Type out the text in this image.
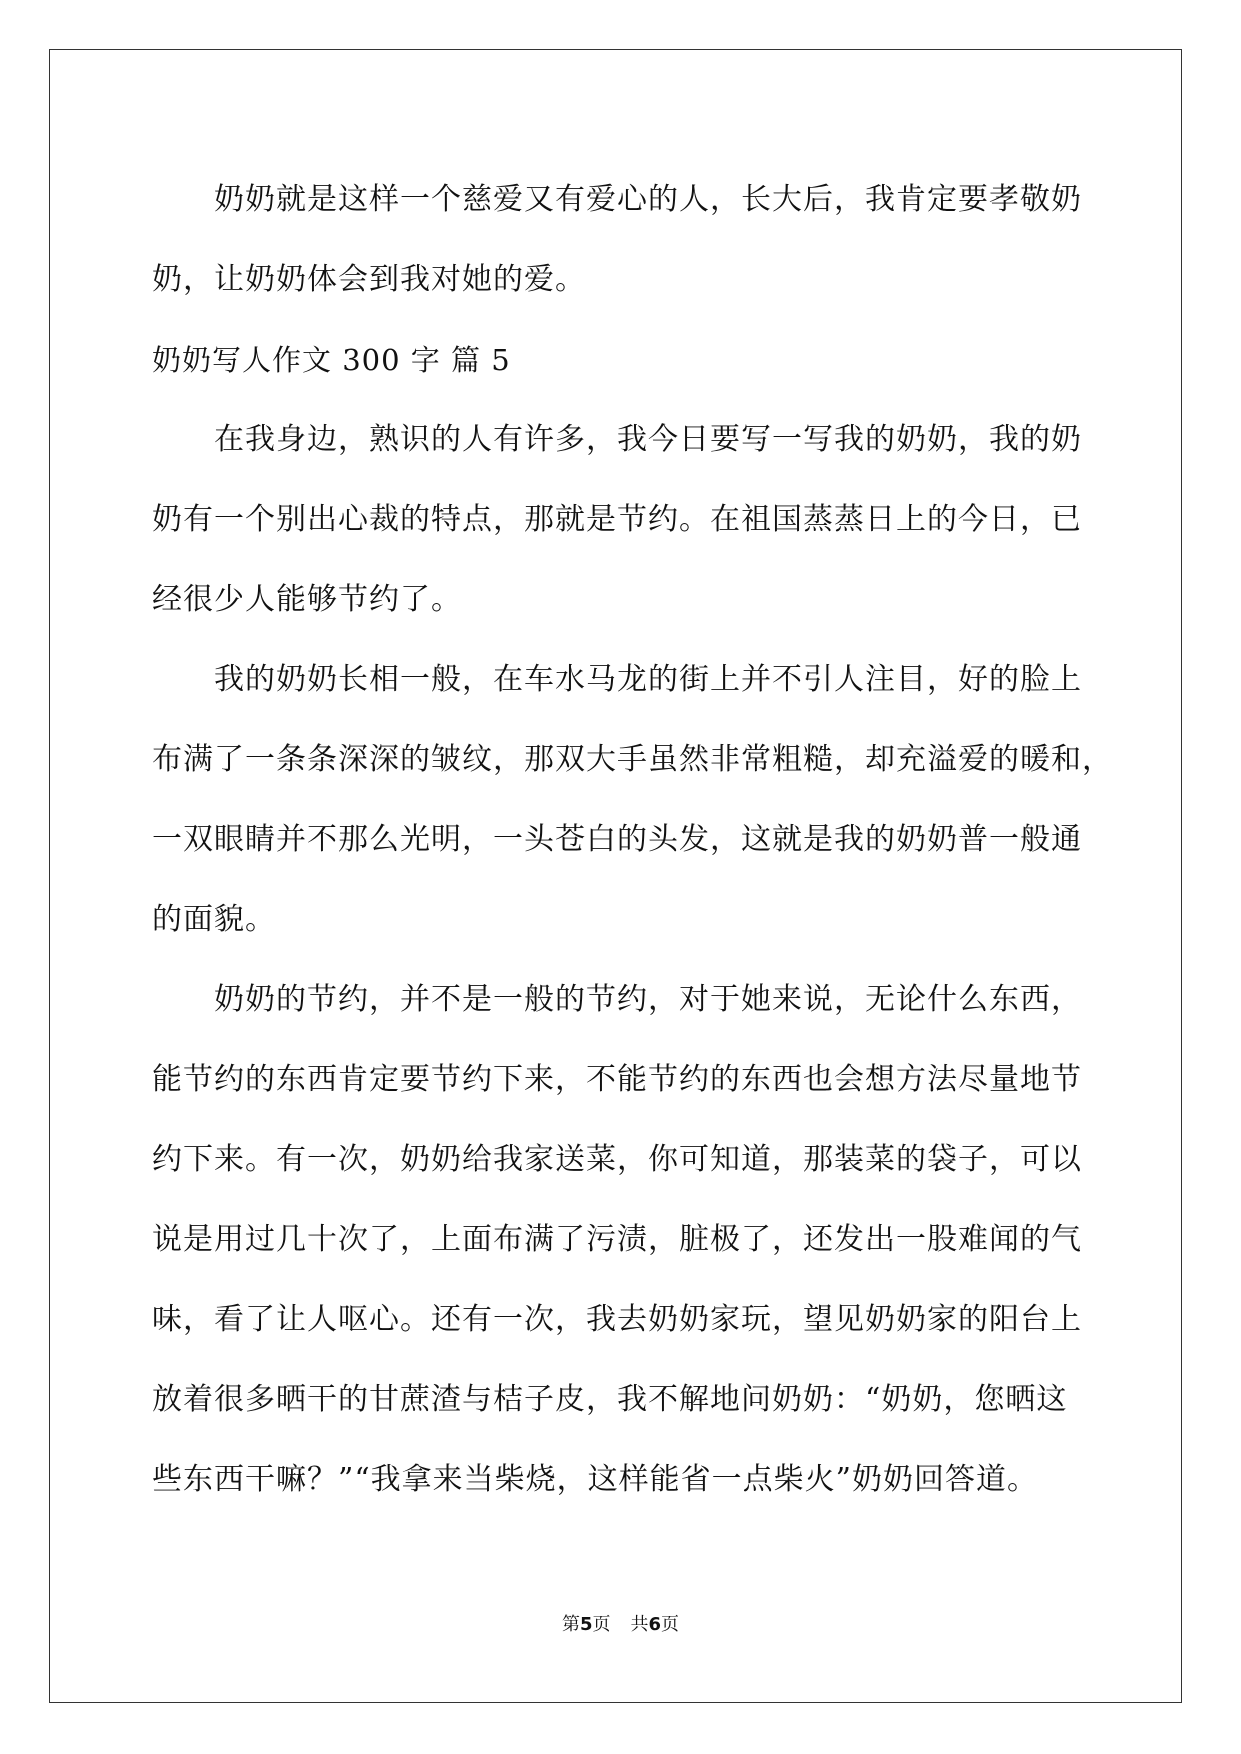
奶奶就是这样一个慈爱又有爱心的人，长大后，我肯定要孝敬奶
奶，让奶奶体会到我对她的爱。

奶奶写人作文 300 字 篇 5

在我身边，熟识的人有许多，我今日要写一写我的奶奶，我的奶
奶有一个别出心裁的特点，那就是节约。在祖国蒸蒸日上的今日，已
经很少人能够节约了。

我的奶奶长相一般，在车水马龙的街上并不引人注目，好的脸上
布满了一条条深深的皱纹，那双大手虽然非常粗糙，却充溢爱的暖和，
一双眼睛并不那么光明，一头苍白的头发，这就是我的奶奶普一般通
的面貌。

奶奶的节约，并不是一般的节约，对于她来说，无论什么东西，
能节约的东西肯定要节约下来，不能节约的东西也会想方法尽量地节
约下来。有一次，奶奶给我家送菜，你可知道，那装菜的袋子，可以
说是用过几十次了，上面布满了污渍，脏极了，还发出一股难闻的气
味，看了让人呕心。还有一次，我去奶奶家玩，望见奶奶家的阳台上
放着很多晒干的甘蔗渣与桔子皮，我不解地问奶奶：“奶奶，您晒这
些东西干嘛？”“我拿来当柴烧，这样能省一点柴火”奶奶回答道。

第5页 共6页
